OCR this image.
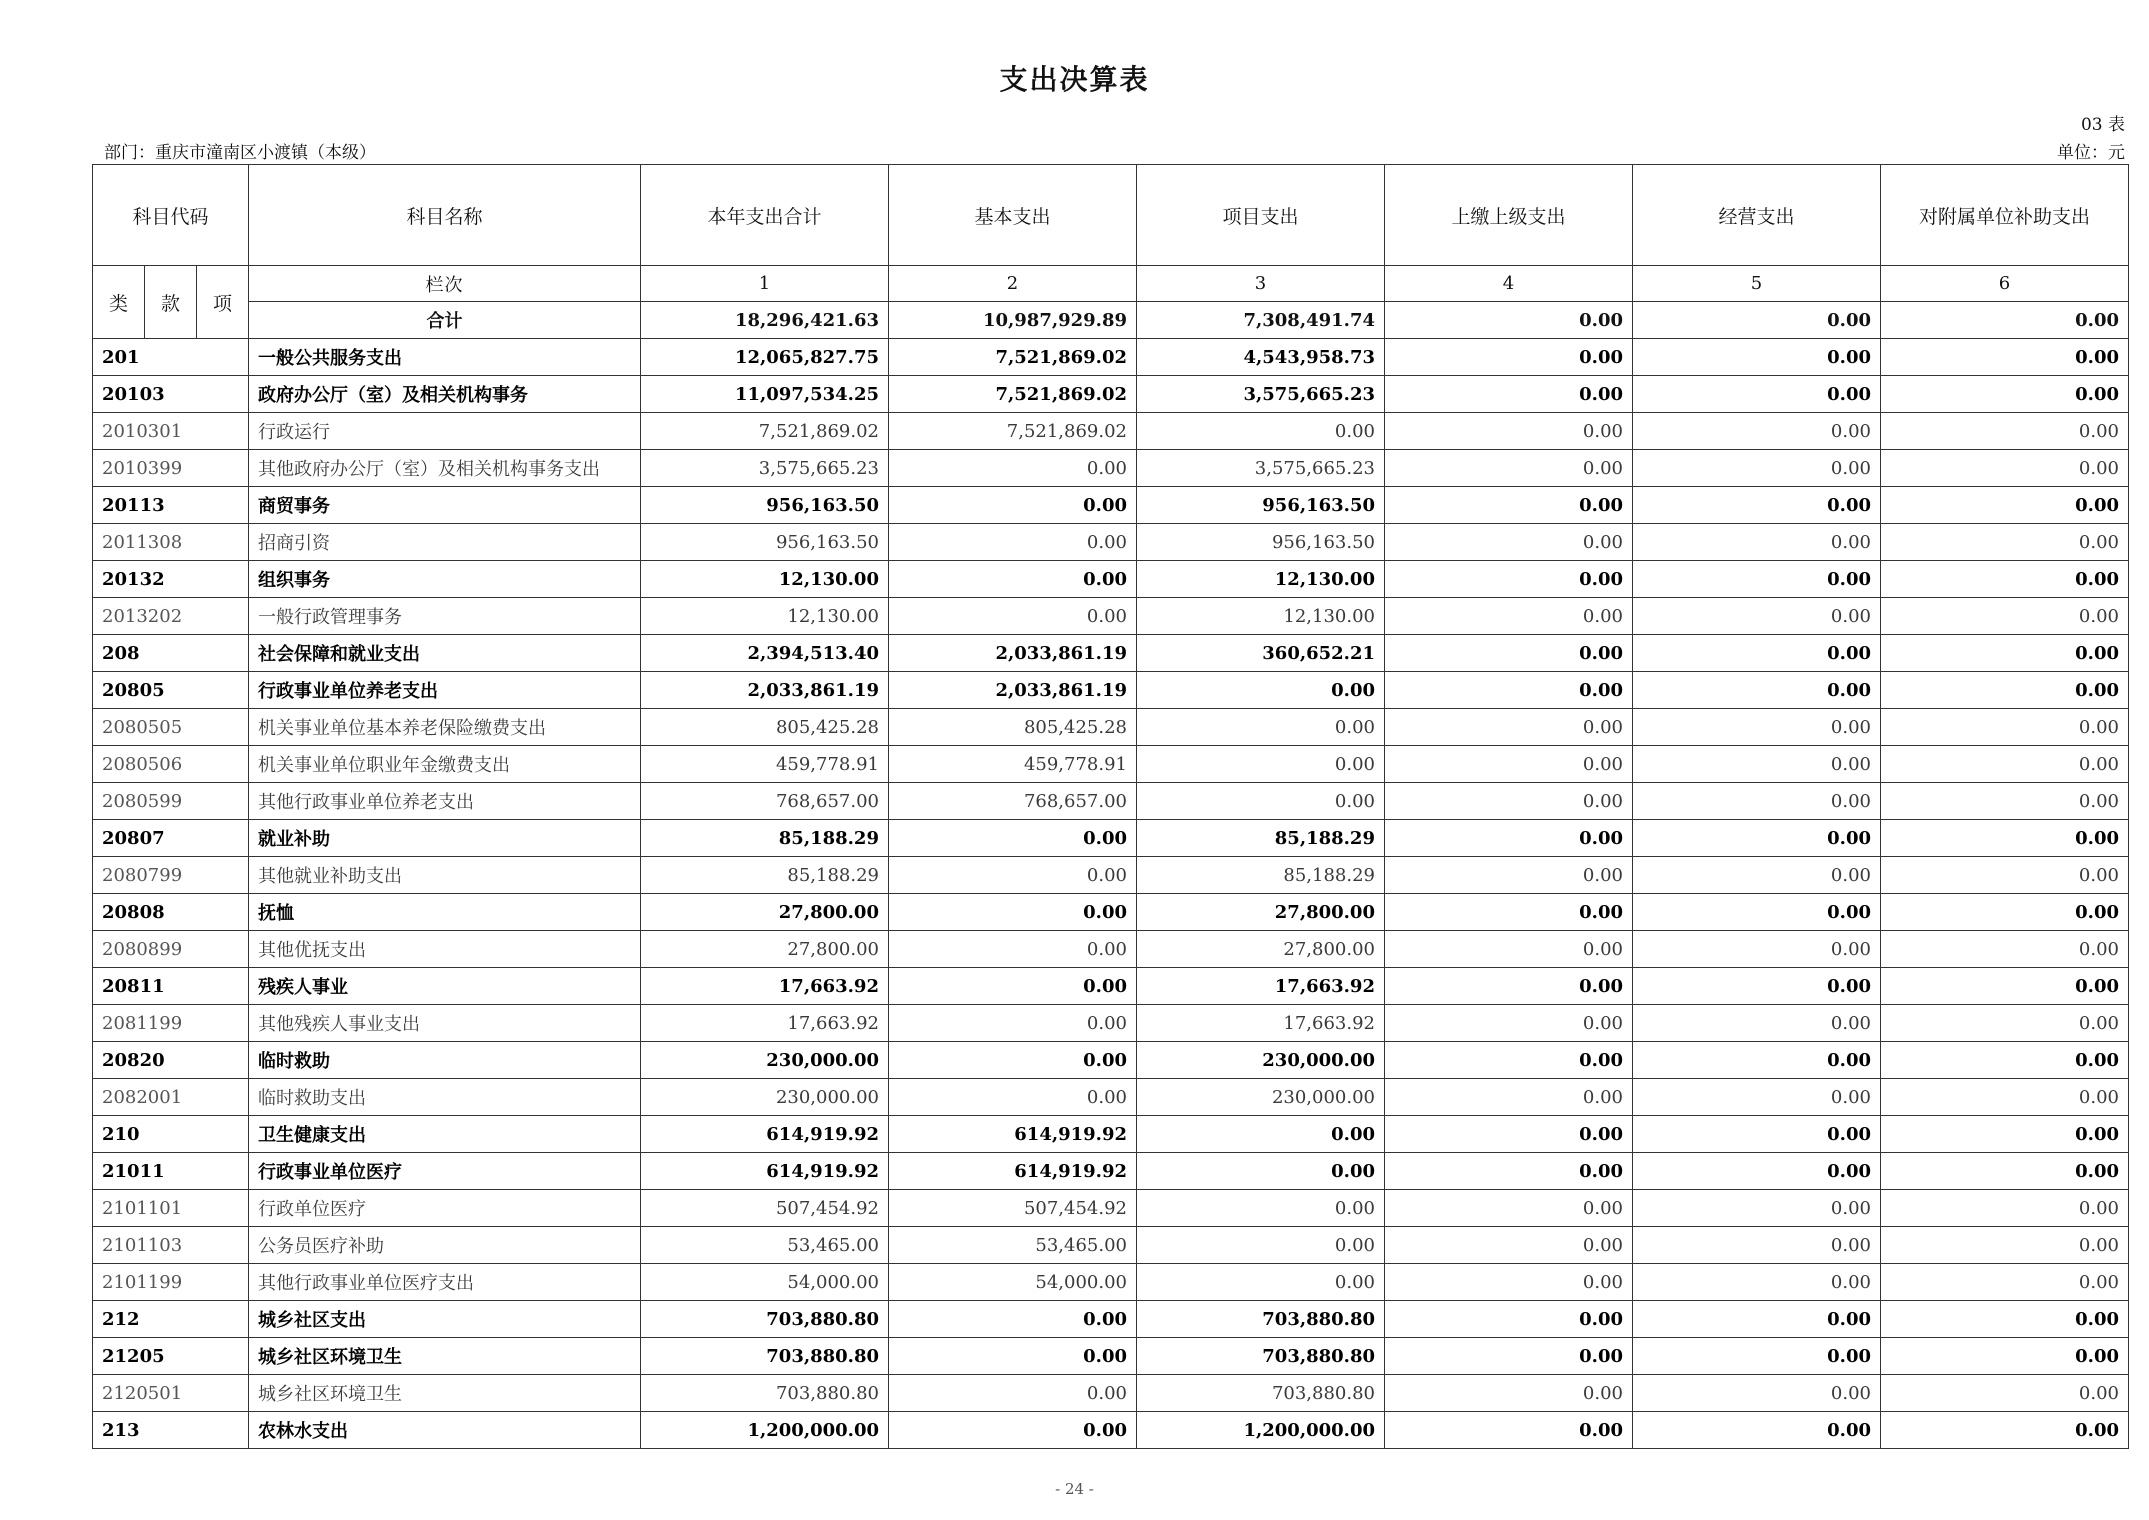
支出决算表
03 表
部门：重庆市潼南区小渡镇（本级）	单位：元
科目代码			科目名称	本年支出合计	基本支出	项目支出	上缴上级支出	经营支出	对附属单位补助支出
类	款	项	栏次	1	2	3	4	5	6
			合计	18,296,421.63	10,987,929.89	7,308,491.74	0.00	0.00	0.00
201			一般公共服务支出	12,065,827.75	7,521,869.02	4,543,958.73	0.00	0.00	0.00
20103			政府办公厅（室）及相关机构事务	11,097,534.25	7,521,869.02	3,575,665.23	0.00	0.00	0.00
2010301			行政运行	7,521,869.02	7,521,869.02	0.00	0.00	0.00	0.00
2010399			其他政府办公厅（室）及相关机构事务支出	3,575,665.23	0.00	3,575,665.23	0.00	0.00	0.00
20113			商贸事务	956,163.50	0.00	956,163.50	0.00	0.00	0.00
2011308			招商引资	956,163.50	0.00	956,163.50	0.00	0.00	0.00
20132			组织事务	12,130.00	0.00	12,130.00	0.00	0.00	0.00
2013202			一般行政管理事务	12,130.00	0.00	12,130.00	0.00	0.00	0.00
208			社会保障和就业支出	2,394,513.40	2,033,861.19	360,652.21	0.00	0.00	0.00
20805			行政事业单位养老支出	2,033,861.19	2,033,861.19	0.00	0.00	0.00	0.00
2080505			机关事业单位基本养老保险缴费支出	805,425.28	805,425.28	0.00	0.00	0.00	0.00
2080506			机关事业单位职业年金缴费支出	459,778.91	459,778.91	0.00	0.00	0.00	0.00
2080599			其他行政事业单位养老支出	768,657.00	768,657.00	0.00	0.00	0.00	0.00
20807			就业补助	85,188.29	0.00	85,188.29	0.00	0.00	0.00
2080799			其他就业补助支出	85,188.29	0.00	85,188.29	0.00	0.00	0.00
20808			抚恤	27,800.00	0.00	27,800.00	0.00	0.00	0.00
2080899			其他优抚支出	27,800.00	0.00	27,800.00	0.00	0.00	0.00
20811			残疾人事业	17,663.92	0.00	17,663.92	0.00	0.00	0.00
2081199			其他残疾人事业支出	17,663.92	0.00	17,663.92	0.00	0.00	0.00
20820			临时救助	230,000.00	0.00	230,000.00	0.00	0.00	0.00
2082001			临时救助支出	230,000.00	0.00	230,000.00	0.00	0.00	0.00
210			卫生健康支出	614,919.92	614,919.92	0.00	0.00	0.00	0.00
21011			行政事业单位医疗	614,919.92	614,919.92	0.00	0.00	0.00	0.00
2101101			行政单位医疗	507,454.92	507,454.92	0.00	0.00	0.00	0.00
2101103			公务员医疗补助	53,465.00	53,465.00	0.00	0.00	0.00	0.00
2101199			其他行政事业单位医疗支出	54,000.00	54,000.00	0.00	0.00	0.00	0.00
212			城乡社区支出	703,880.80	0.00	703,880.80	0.00	0.00	0.00
21205			城乡社区环境卫生	703,880.80	0.00	703,880.80	0.00	0.00	0.00
2120501			城乡社区环境卫生	703,880.80	0.00	703,880.80	0.00	0.00	0.00
213			农林水支出	1,200,000.00	0.00	1,200,000.00	0.00	0.00	0.00
- 24 -
